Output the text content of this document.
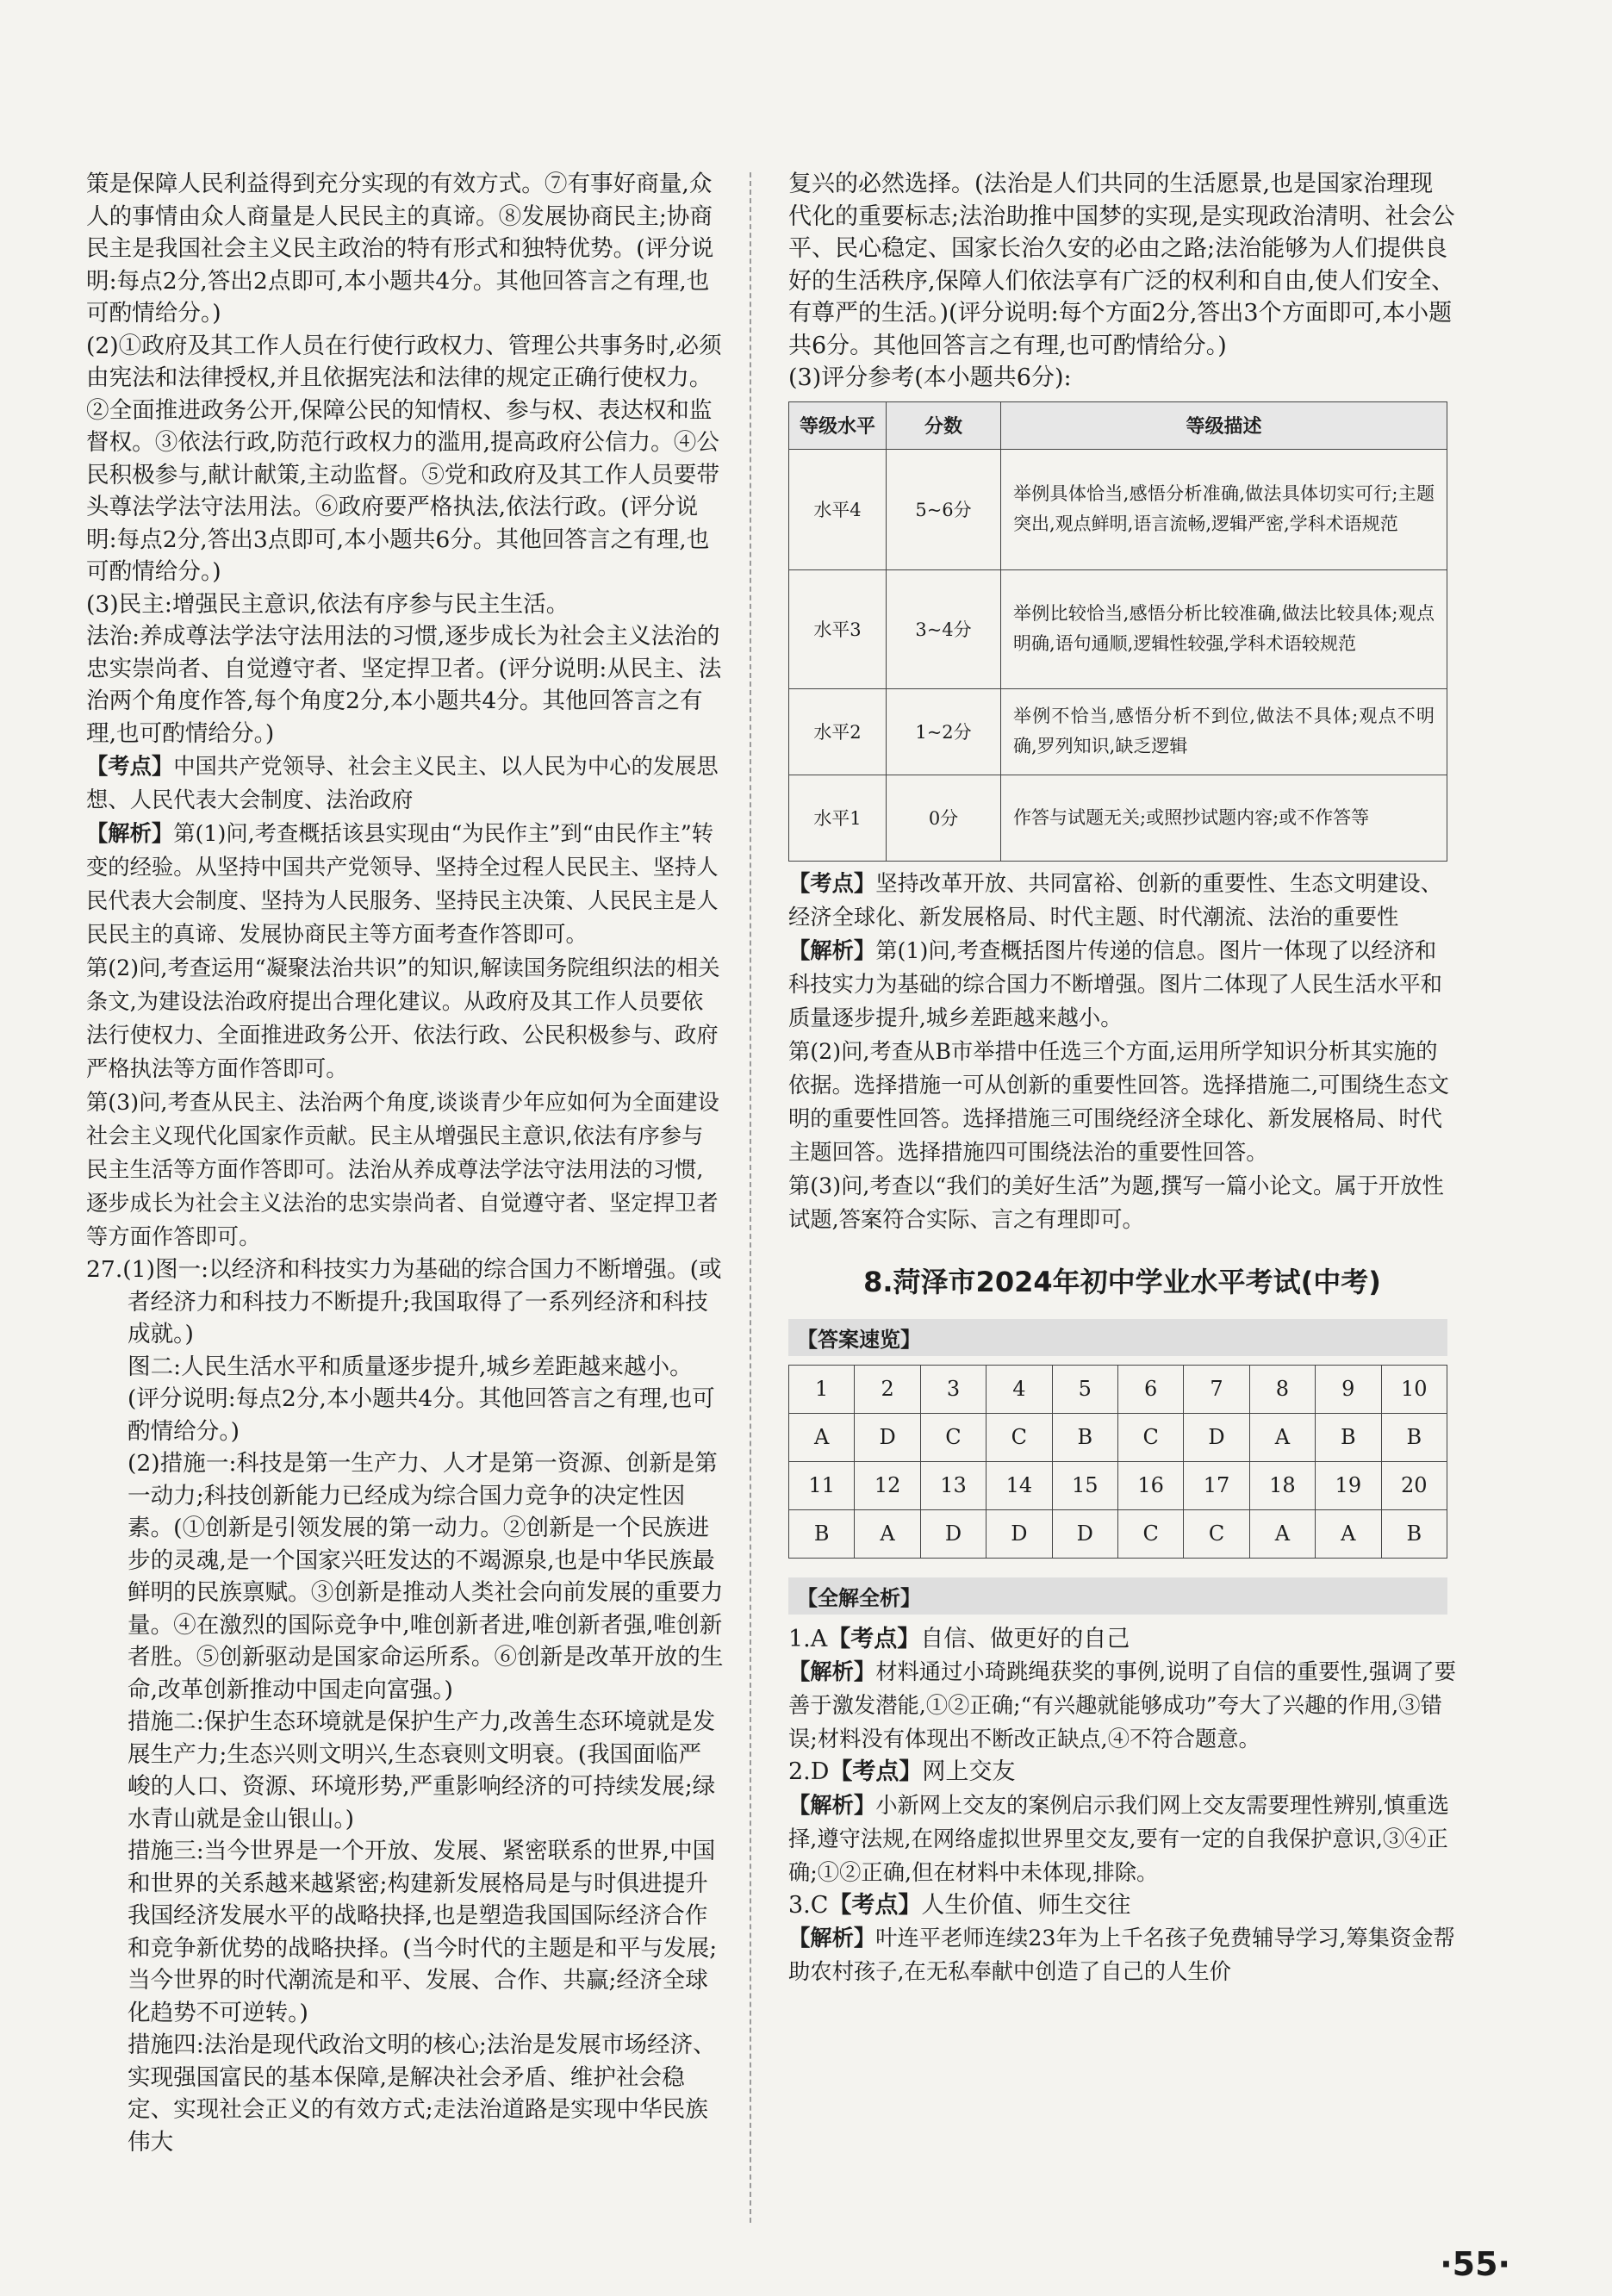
策是保障人民利益得到充分实现的有效方式。⑦有事好商量,众人的事情由众人商量是人民民主的真谛。⑧发展协商民主;协商民主是我国社会主义民主政治的特有形式和独特优势。(评分说明:每点2分,答出2点即可,本小题共4分。其他回答言之有理,也可酌情给分。)

(2)①政府及其工作人员在行使行政权力、管理公共事务时,必须由宪法和法律授权,并且依据宪法和法律的规定正确行使权力。②全面推进政务公开,保障公民的知情权、参与权、表达权和监督权。③依法行政,防范行政权力的滥用,提高政府公信力。④公民积极参与,献计献策,主动监督。⑤党和政府及其工作人员要带头尊法学法守法用法。⑥政府要严格执法,依法行政。(评分说明:每点2分,答出3点即可,本小题共6分。其他回答言之有理,也可酌情给分。)

(3)民主:增强民主意识,依法有序参与民主生活。

法治:养成尊法学法守法用法的习惯,逐步成长为社会主义法治的忠实崇尚者、自觉遵守者、坚定捍卫者。(评分说明:从民主、法治两个角度作答,每个角度2分,本小题共4分。其他回答言之有理,也可酌情给分。)

【考点】中国共产党领导、社会主义民主、以人民为中心的发展思想、人民代表大会制度、法治政府

【解析】第(1)问,考查概括该县实现由“为民作主”到“由民作主”转变的经验。从坚持中国共产党领导、坚持全过程人民民主、坚持人民代表大会制度、坚持为人民服务、坚持民主决策、人民民主是人民民主的真谛、发展协商民主等方面考查作答即可。

第(2)问,考查运用“凝聚法治共识”的知识,解读国务院组织法的相关条文,为建设法治政府提出合理化建议。从政府及其工作人员要依法行使权力、全面推进政务公开、依法行政、公民积极参与、政府严格执法等方面作答即可。

第(3)问,考查从民主、法治两个角度,谈谈青少年应如何为全面建设社会主义现代化国家作贡献。民主从增强民主意识,依法有序参与民主生活等方面作答即可。法治从养成尊法学法守法用法的习惯,逐步成长为社会主义法治的忠实崇尚者、自觉遵守者、坚定捍卫者等方面作答即可。

27.(1)图一:以经济和科技实力为基础的综合国力不断增强。(或者经济力和科技力不断提升;我国取得了一系列经济和科技成就。)

图二:人民生活水平和质量逐步提升,城乡差距越来越小。(评分说明:每点2分,本小题共4分。其他回答言之有理,也可酌情给分。)

(2)措施一:科技是第一生产力、人才是第一资源、创新是第一动力;科技创新能力已经成为综合国力竞争的决定性因素。(①创新是引领发展的第一动力。②创新是一个民族进步的灵魂,是一个国家兴旺发达的不竭源泉,也是中华民族最鲜明的民族禀赋。③创新是推动人类社会向前发展的重要力量。④在激烈的国际竞争中,唯创新者进,唯创新者强,唯创新者胜。⑤创新驱动是国家命运所系。⑥创新是改革开放的生命,改革创新推动中国走向富强。)

措施二:保护生态环境就是保护生产力,改善生态环境就是发展生产力;生态兴则文明兴,生态衰则文明衰。(我国面临严峻的人口、资源、环境形势,严重影响经济的可持续发展;绿水青山就是金山银山。)

措施三:当今世界是一个开放、发展、紧密联系的世界,中国和世界的关系越来越紧密;构建新发展格局是与时俱进提升我国经济发展水平的战略抉择,也是塑造我国国际经济合作和竞争新优势的战略抉择。(当今时代的主题是和平与发展;当今世界的时代潮流是和平、发展、合作、共赢;经济全球化趋势不可逆转。)

措施四:法治是现代政治文明的核心;法治是发展市场经济、实现强国富民的基本保障,是解决社会矛盾、维护社会稳定、实现社会正义的有效方式;走法治道路是实现中华民族伟大

复兴的必然选择。(法治是人们共同的生活愿景,也是国家治理现代化的重要标志;法治助推中国梦的实现,是实现政治清明、社会公平、民心稳定、国家长治久安的必由之路;法治能够为人们提供良好的生活秩序,保障人们依法享有广泛的权利和自由,使人们安全、有尊严的生活。)(评分说明:每个方面2分,答出3个方面即可,本小题共6分。其他回答言之有理,也可酌情给分。)

(3)评分参考(本小题共6分):

等级水平	分数	等级描述
水平4	5~6分	举例具体恰当,感悟分析准确,做法具体切实可行;主题突出,观点鲜明,语言流畅,逻辑严密,学科术语规范
水平3	3~4分	举例比较恰当,感悟分析比较准确,做法比较具体;观点明确,语句通顺,逻辑性较强,学科术语较规范
水平2	1~2分	举例不恰当,感悟分析不到位,做法不具体;观点不明确,罗列知识,缺乏逻辑
水平1	0分	作答与试题无关;或照抄试题内容;或不作答等

【考点】坚持改革开放、共同富裕、创新的重要性、生态文明建设、经济全球化、新发展格局、时代主题、时代潮流、法治的重要性

【解析】第(1)问,考查概括图片传递的信息。图片一体现了以经济和科技实力为基础的综合国力不断增强。图片二体现了人民生活水平和质量逐步提升,城乡差距越来越小。

第(2)问,考查从B市举措中任选三个方面,运用所学知识分析其实施的依据。选择措施一可从创新的重要性回答。选择措施二,可围绕生态文明的重要性回答。选择措施三可围绕经济全球化、新发展格局、时代主题回答。选择措施四可围绕法治的重要性回答。

第(3)问,考查以“我们的美好生活”为题,撰写一篇小论文。属于开放性试题,答案符合实际、言之有理即可。

8.菏泽市2024年初中学业水平考试(中考)
【答案速览】
1	2	3	4	5	6	7	8	9	10
A	D	C	C	B	C	D	A	B	B
11	12	13	14	15	16	17	18	19	20
B	A	D	D	D	C	C	A	A	B
【全解全析】

1.A【考点】自信、做更好的自己

【解析】材料通过小琦跳绳获奖的事例,说明了自信的重要性,强调了要善于激发潜能,①②正确;“有兴趣就能够成功”夸大了兴趣的作用,③错误;材料没有体现出不断改正缺点,④不符合题意。

2.D【考点】网上交友

【解析】小新网上交友的案例启示我们网上交友需要理性辨别,慎重选择,遵守法规,在网络虚拟世界里交友,要有一定的自我保护意识,③④正确;①②正确,但在材料中未体现,排除。

3.C【考点】人生价值、师生交往

【解析】叶连平老师连续23年为上千名孩子免费辅导学习,筹集资金帮助农村孩子,在无私奉献中创造了自己的人生价

·55·
